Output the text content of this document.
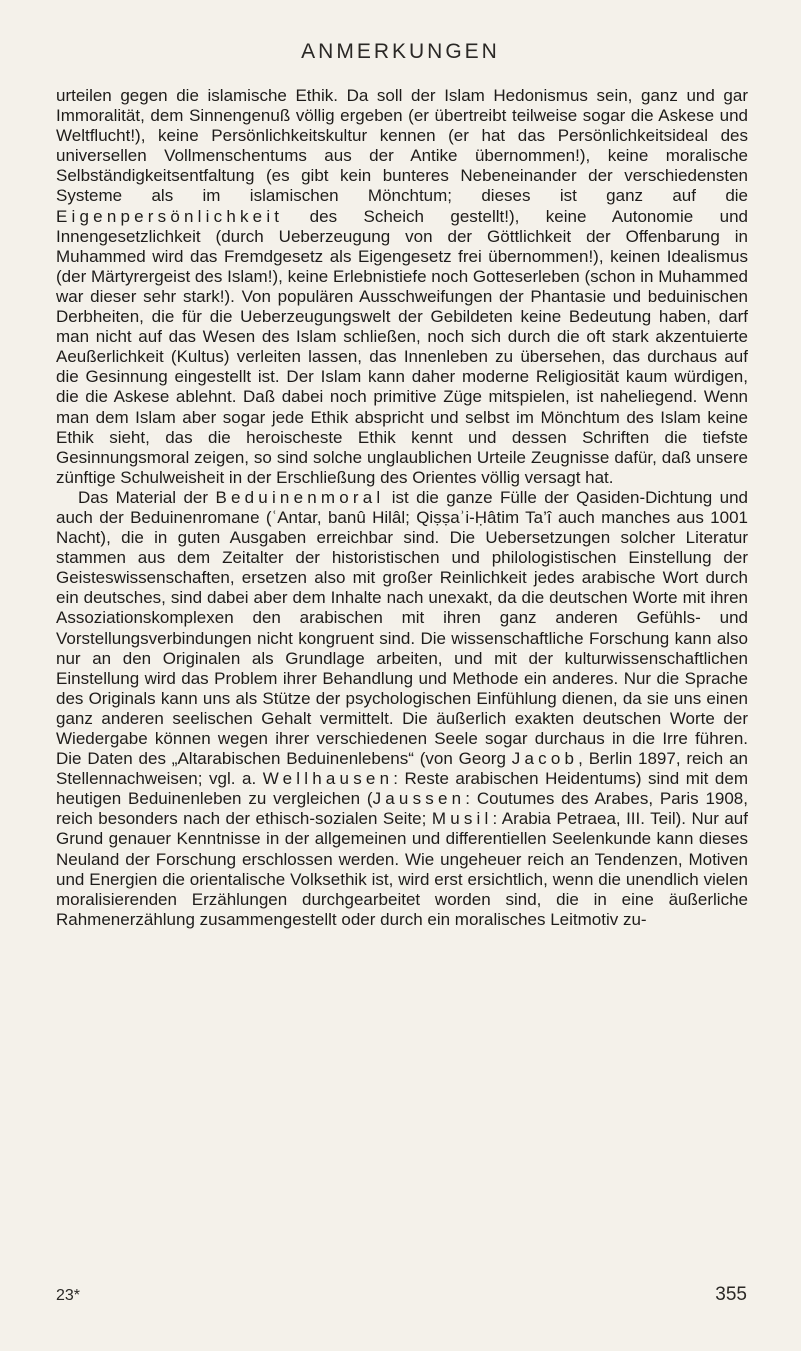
ANMERKUNGEN

urteilen gegen die islamische Ethik. Da soll der Islam Hedonismus sein, ganz und gar Immoralität, dem Sinnengenuß völlig ergeben (er übertreibt teilweise sogar die Askese und Weltflucht!), keine Persönlichkeitskultur kennen (er hat das Persönlichkeitsideal des universellen Vollmenschentums aus der Antike übernommen!), keine moralische Selbständigkeitsentfaltung (es gibt kein bunteres Nebeneinander der verschiedensten Systeme als im islamischen Mönchtum; dieses ist ganz auf die Eigenpersönlichkeit des Scheich gestellt!), keine Autonomie und Innengesetzlichkeit (durch Ueberzeugung von der Göttlichkeit der Offenbarung in Muhammed wird das Fremdgesetz als Eigengesetz frei übernommen!), keinen Idealismus (der Märtyrergeist des Islam!), keine Erlebnistiefe noch Gotteserleben (schon in Muhammed war dieser sehr stark!). Von populären Ausschweifungen der Phantasie und beduinischen Derbheiten, die für die Ueberzeugungswelt der Gebildeten keine Bedeutung haben, darf man nicht auf das Wesen des Islam schließen, noch sich durch die oft stark akzentuierte Aeußerlichkeit (Kultus) verleiten lassen, das Innenleben zu übersehen, das durchaus auf die Gesinnung eingestellt ist. Der Islam kann daher moderne Religiosität kaum würdigen, die die Askese ablehnt. Daß dabei noch primitive Züge mitspielen, ist naheliegend. Wenn man dem Islam aber sogar jede Ethik abspricht und selbst im Mönchtum des Islam keine Ethik sieht, das die heroischeste Ethik kennt und dessen Schriften die tiefste Gesinnungsmoral zeigen, so sind solche unglaublichen Urteile Zeugnisse dafür, daß unsere zünftige Schulweisheit in der Erschließung des Orientes völlig versagt hat.

Das Material der Beduinenmoral ist die ganze Fülle der Qasiden-Dichtung und auch der Beduinenromane (ʿAntar, banû Hilâl; Qiṣṣaʾi-Ḥâtim Ta’î auch manches aus 1001 Nacht), die in guten Ausgaben erreichbar sind. Die Uebersetzungen solcher Literatur stammen aus dem Zeitalter der historistischen und philologistischen Einstellung der Geisteswissenschaften, ersetzen also mit großer Reinlichkeit jedes arabische Wort durch ein deutsches, sind dabei aber dem Inhalte nach unexakt, da die deutschen Worte mit ihren Assoziationskomplexen den arabischen mit ihren ganz anderen Gefühls- und Vorstellungsverbindungen nicht kongruent sind. Die wissenschaftliche Forschung kann also nur an den Originalen als Grundlage arbeiten, und mit der kulturwissenschaftlichen Einstellung wird das Problem ihrer Behandlung und Methode ein anderes. Nur die Sprache des Originals kann uns als Stütze der psychologischen Einfühlung dienen, da sie uns einen ganz anderen seelischen Gehalt vermittelt. Die äußerlich exakten deutschen Worte der Wiedergabe können wegen ihrer verschiedenen Seele sogar durchaus in die Irre führen. Die Daten des „Altarabischen Beduinenlebens“ (von Georg Jacob, Berlin 1897, reich an Stellennachweisen; vgl. a. Wellhausen: Reste arabischen Heidentums) sind mit dem heutigen Beduinenleben zu vergleichen (Jaussen: Coutumes des Arabes, Paris 1908, reich besonders nach der ethisch-sozialen Seite; Musil: Arabia Petraea, III. Teil). Nur auf Grund genauer Kenntnisse in der allgemeinen und differentiellen Seelenkunde kann dieses Neuland der Forschung erschlossen werden. Wie ungeheuer reich an Tendenzen, Motiven und Energien die orientalische Volksethik ist, wird erst ersichtlich, wenn die unendlich vielen moralisierenden Erzählungen durchgearbeitet worden sind, die in eine äußerliche Rahmenerzählung zusammengestellt oder durch ein moralisches Leitmotiv zu-

23*	355
